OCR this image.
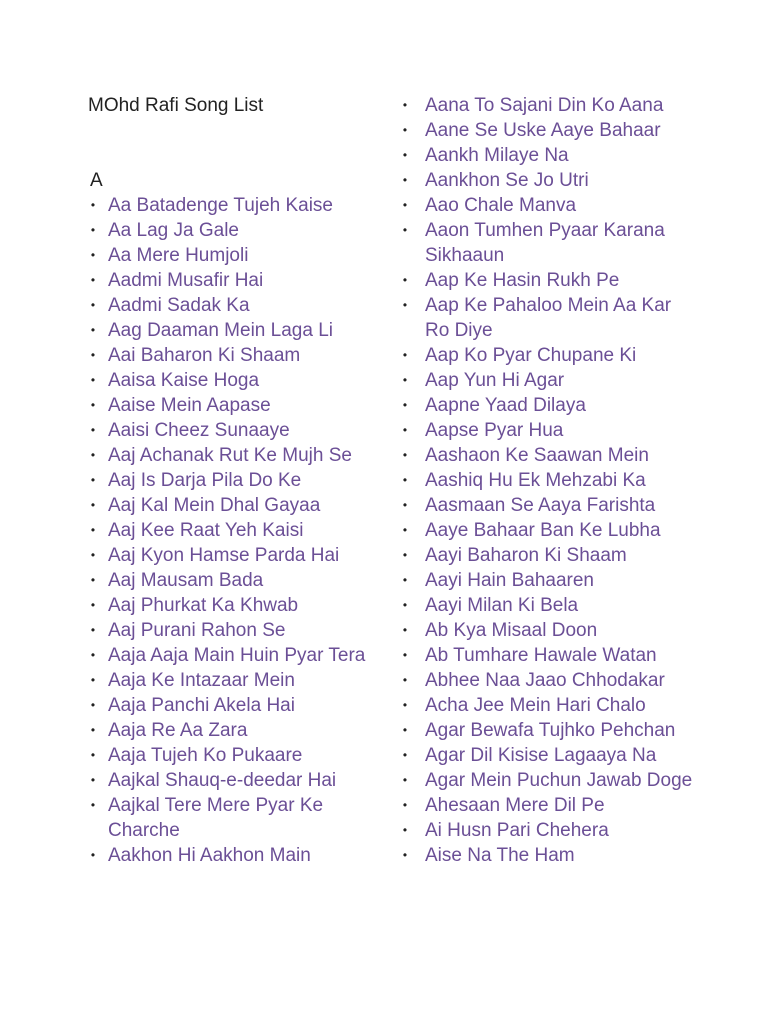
MOhd Rafi Song List

A

• Aa Batadenge Tujeh Kaise
• Aa Lag Ja Gale
• Aa Mere Humjoli
• Aadmi Musafir Hai
• Aadmi Sadak Ka
• Aag Daaman Mein Laga Li
• Aai Baharon Ki Shaam
• Aaisa Kaise Hoga
• Aaise Mein Aapase
• Aaisi Cheez Sunaaye
• Aaj Achanak Rut Ke Mujh Se
• Aaj Is Darja Pila Do Ke
• Aaj Kal Mein Dhal Gayaa
• Aaj Kee Raat Yeh Kaisi
• Aaj Kyon Hamse Parda Hai
• Aaj Mausam Bada
• Aaj Phurkat Ka Khwab
• Aaj Purani Rahon Se
• Aaja Aaja Main Huin Pyar Tera
• Aaja Ke Intazaar Mein
• Aaja Panchi Akela Hai
• Aaja Re Aa Zara
• Aaja Tujeh Ko Pukaare
• Aajkal Shauq-e-deedar Hai
• Aajkal Tere Mere Pyar Ke Charche
• Aakhon Hi Aakhon Main
• Aana To Sajani Din Ko Aana
• Aane Se Uske Aaye Bahaar
• Aankh Milaye Na
• Aankhon Se Jo Utri
• Aao Chale Manva
• Aaon Tumhen Pyaar Karana Sikhaaun
• Aap Ke Hasin Rukh Pe
• Aap Ke Pahaloo Mein Aa Kar Ro Diye
• Aap Ko Pyar Chupane Ki
• Aap Yun Hi Agar
• Aapne Yaad Dilaya
• Aapse Pyar Hua
• Aashaon Ke Saawan Mein
• Aashiq Hu Ek Mehzabi Ka
• Aasmaan Se Aaya Farishta
• Aaye Bahaar Ban Ke Lubha
• Aayi Baharon Ki Shaam
• Aayi Hain Bahaaren
• Aayi Milan Ki Bela
• Ab Kya Misaal Doon
• Ab Tumhare Hawale Watan
• Abhee Naa Jaao Chhodakar
• Acha Jee Mein Hari Chalo
• Agar Bewafa Tujhko Pehchan
• Agar Dil Kisise Lagaaya Na
• Agar Mein Puchun Jawab Doge
• Ahesaan Mere Dil Pe
• Ai Husn Pari Chehera
• Aise Na The Ham
